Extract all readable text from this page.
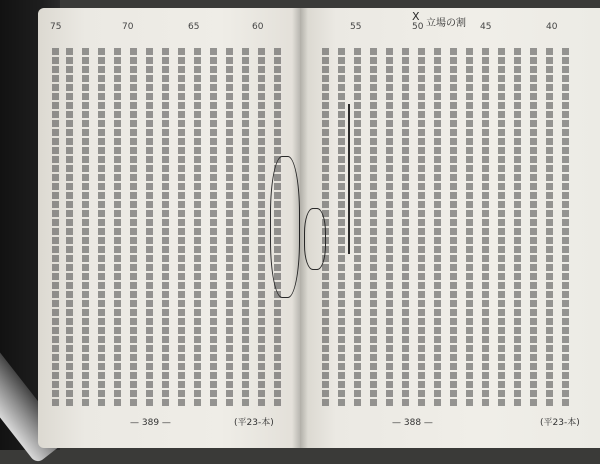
75	70	65	60
— 389 —	(平23-本)
55	50	45	40
— 388 —	(平23-本)
X
立場の割
